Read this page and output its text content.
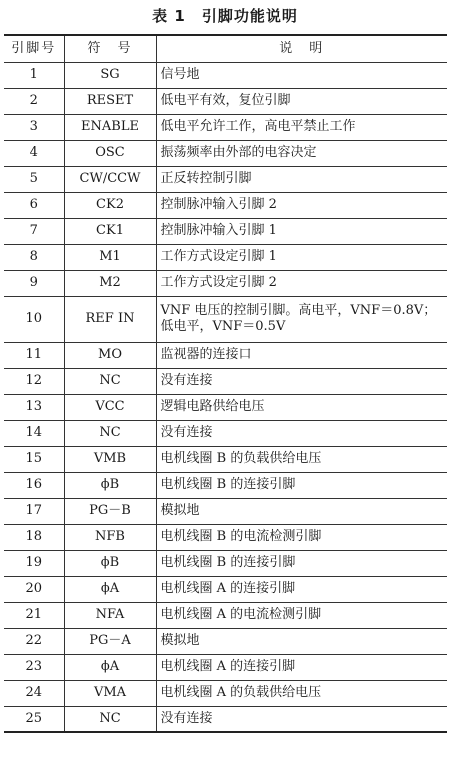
表 1　引脚功能说明
引脚号	符　号	说　明
1	SG	信号地
2	RESET	低电平有效，复位引脚
3	ENABLE	低电平允许工作，高电平禁止工作
4	OSC	振荡频率由外部的电容决定
5	CW/CCW	正反转控制引脚
6	CK2	控制脉冲输入引脚 2
7	CK1	控制脉冲输入引脚 1
8	M1	工作方式设定引脚 1
9	M2	工作方式设定引脚 2
10	REF IN	VNF 电压的控制引脚。高电平，VNF＝0.8V；低电平，VNF＝0.5V
11	MO	监视器的连接口
12	NC	没有连接
13	VCC	逻辑电路供给电压
14	NC	没有连接
15	VMB	电机线圈 B 的负载供给电压
16	ϕB	电机线圈 B 的连接引脚
17	PG－B	模拟地
18	NFB	电机线圈 B 的电流检测引脚
19	ϕB	电机线圈 B 的连接引脚
20	ϕA	电机线圈 A 的连接引脚
21	NFA	电机线圈 A 的电流检测引脚
22	PG－A	模拟地
23	ϕA	电机线圈 A 的连接引脚
24	VMA	电机线圈 A 的负载供给电压
25	NC	没有连接
